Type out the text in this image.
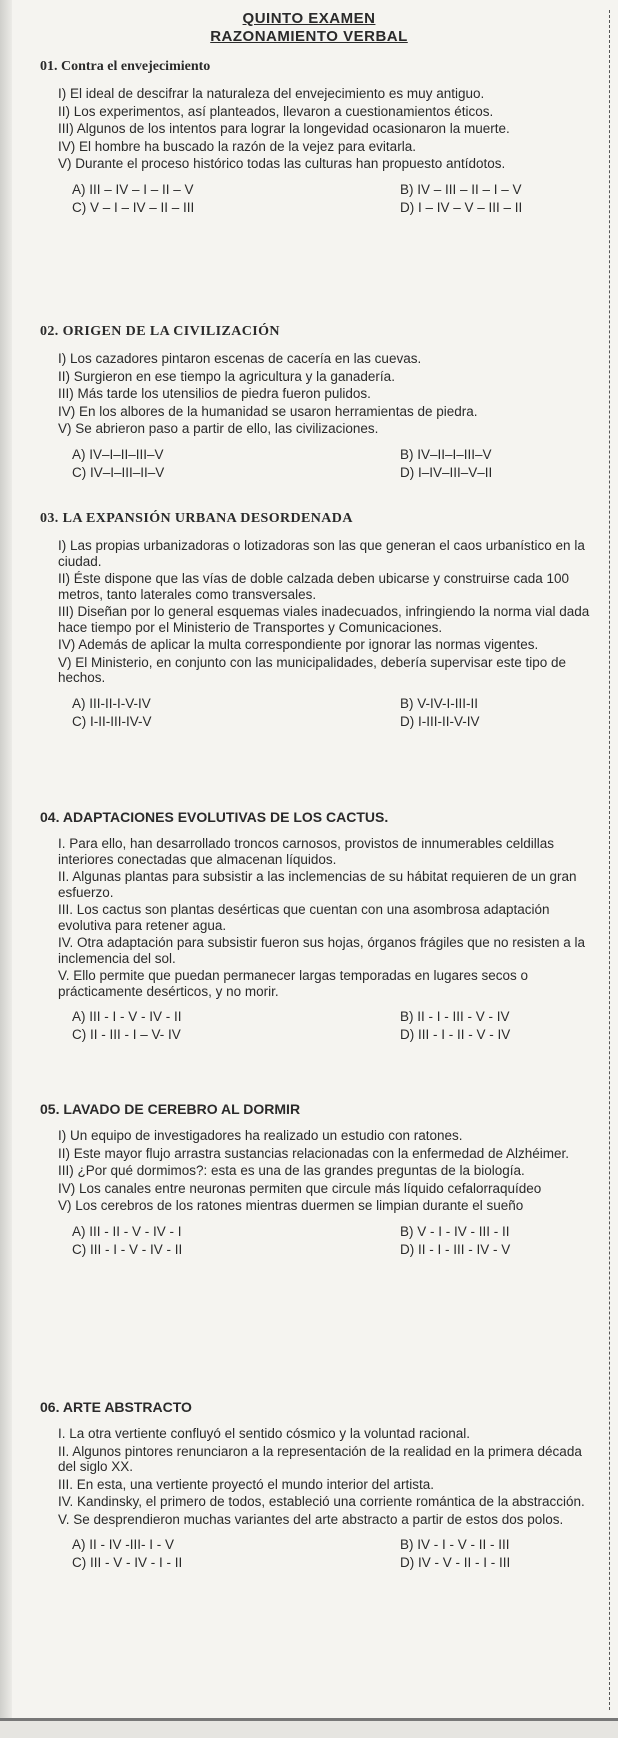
QUINTO EXAMEN
RAZONAMIENTO VERBAL
01. Contra el envejecimiento
I) El ideal de descifrar la naturaleza del envejecimiento es muy antiguo.
II) Los experimentos, así planteados, llevaron a cuestionamientos éticos.
III) Algunos de los intentos para lograr la longevidad ocasionaron la muerte.
IV) El hombre ha buscado la razón de la vejez para evitarla.
V) Durante el proceso histórico todas las culturas han propuesto antídotos.
A) III – IV – I – II – V	B) IV – III – II – I – V
C) V – I – IV – II – III	D) I – IV – V – III – II
02. ORIGEN DE LA CIVILIZACIÓN
I) Los cazadores pintaron escenas de cacería en las cuevas.
II) Surgieron en ese tiempo la agricultura y la ganadería.
III) Más tarde los utensilios de piedra fueron pulidos.
IV) En los albores de la humanidad se usaron herramientas de piedra.
V) Se abrieron paso a partir de ello, las civilizaciones.
A) IV–I–II–III–V	B) IV–II–I–III–V
C) IV–I–III–II–V	D) I–IV–III–V–II
03. LA EXPANSIÓN URBANA DESORDENADA
I) Las propias urbanizadoras o lotizadoras son las que generan el caos urbanístico en la ciudad.
II) Éste dispone que las vías de doble calzada deben ubicarse y construirse cada 100 metros, tanto laterales como transversales.
III) Diseñan por lo general esquemas viales inadecuados, infringiendo la norma vial dada hace tiempo por el Ministerio de Transportes y Comunicaciones.
IV) Además de aplicar la multa correspondiente por ignorar las normas vigentes.
V) El Ministerio, en conjunto con las municipalidades, debería supervisar este tipo de hechos.
A) III-II-I-V-IV	B) V-IV-I-III-II
C) I-II-III-IV-V	D) I-III-II-V-IV
04. ADAPTACIONES EVOLUTIVAS DE LOS CACTUS.
I. Para ello, han desarrollado troncos carnosos, provistos de innumerables celdillas interiores conectadas que almacenan líquidos.
II. Algunas plantas para subsistir a las inclemencias de su hábitat requieren de un gran esfuerzo.
III. Los cactus son plantas desérticas que cuentan con una asombrosa adaptación evolutiva para retener agua.
IV. Otra adaptación para subsistir fueron sus hojas, órganos frágiles que no resisten a la inclemencia del sol.
V. Ello permite que puedan permanecer largas temporadas en lugares secos o prácticamente desérticos, y no morir.
A) III - I - V - IV - II	B) II - I - III - V - IV
C) II - III - I – V- IV	D) III - I - II - V - IV
05. LAVADO DE CEREBRO AL DORMIR
I) Un equipo de investigadores ha realizado un estudio con ratones.
II) Este mayor flujo arrastra sustancias relacionadas con la enfermedad de Alzhéimer.
III) ¿Por qué dormimos?: esta es una de las grandes preguntas de la biología.
IV) Los canales entre neuronas permiten que circule más líquido cefalorraquídeo
V) Los cerebros de los ratones mientras duermen se limpian durante el sueño
A) III - II - V - IV - I	B) V - I - IV - III - II
C) III - I - V - IV - II	D) II - I - III - IV - V
06. ARTE ABSTRACTO
I. La otra vertiente confluyó el sentido cósmico y la voluntad racional.
II. Algunos pintores renunciaron a la representación de la realidad en la primera década del siglo XX.
III. En esta, una vertiente proyectó el mundo interior del artista.
IV. Kandinsky, el primero de todos, estableció una corriente romántica de la abstracción.
V. Se desprendieron muchas variantes del arte abstracto a partir de estos dos polos.
A) II - IV -III- I - V	B) IV - I - V - II - III
C) III - V - IV - I - II	D) IV - V - II - I - III
